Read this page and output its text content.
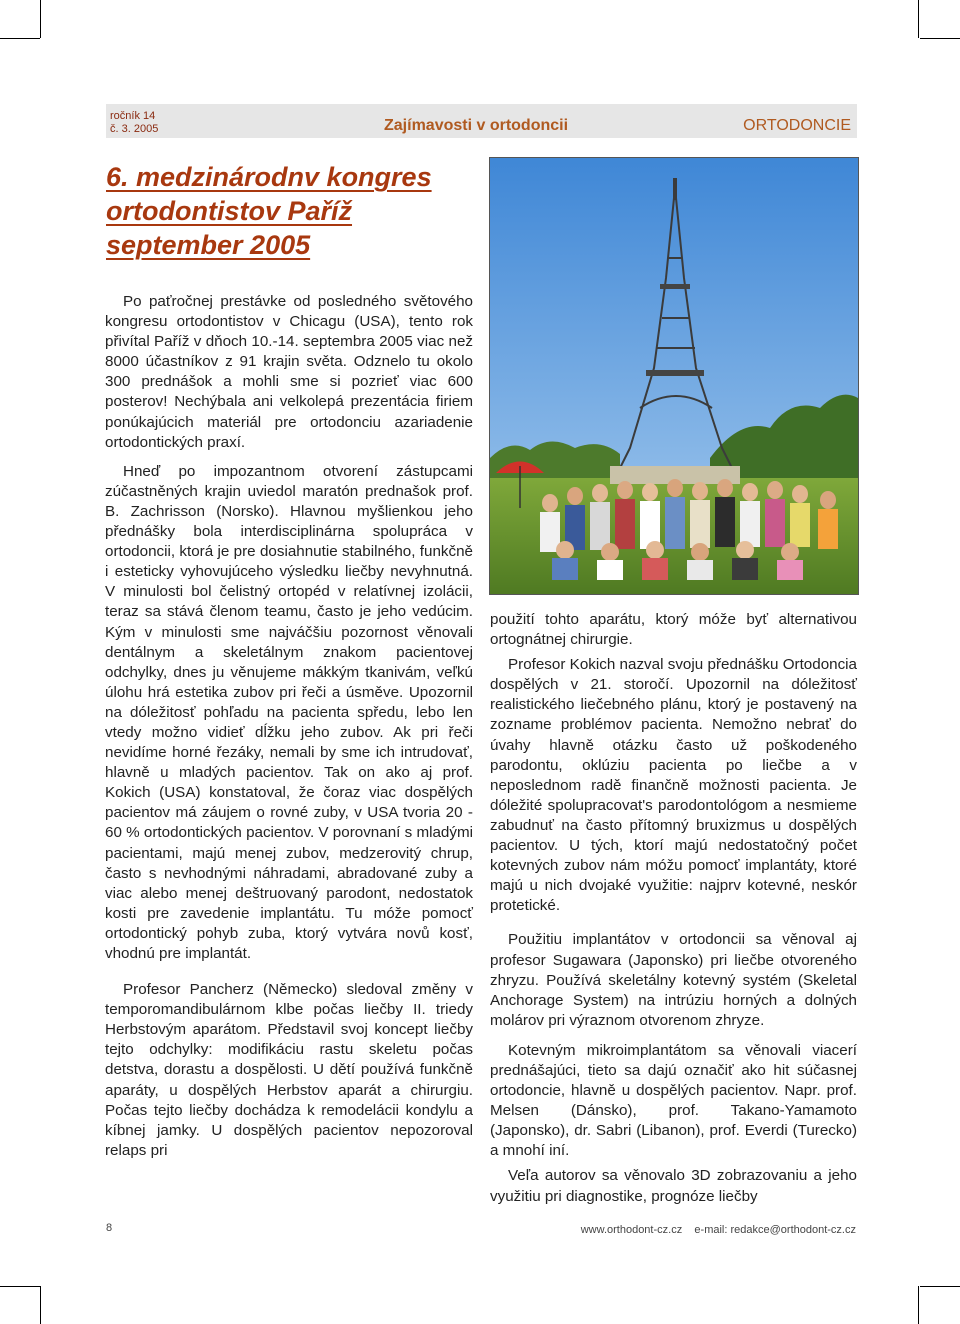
ročník 14
č. 3. 2005	Zajímavosti v ortodoncii	ORTODONCIE
6. medzinárodnv kongres
ortodontistov Paříž
september 2005

Po paťročnej prestávke od posledného světového kongresu ortodontistov v Chicagu (USA), tento rok přivítal Paříž v dňoch 10.-14. septembra 2005 viac než 8000 účastníkov z 91 krajin světa. Odznelo tu okolo 300 prednášok a mohli sme si pozrieť viac 600 posterov! Nechýbala ani velkolepá prezentácia firiem ponúkajúcich materiál pre ortodonciu azariadenie ortodontických praxí.

Hneď po impozantnom otvorení zástupcami zúčastněných krajin uviedol maratón prednašok prof. B. Zachrisson (Norsko). Hlavnou myšlienkou jeho přednášky bola interdisciplinárna spolupráca v ortodoncii, ktorá je pre dosiahnutie stabilného, funkčně i esteticky vyhovujúceho výsledku liečby nevyhnutná. V minulosti bol čelistný ortopéd v relatívnej izolácii, teraz sa stává členom teamu, často je jeho vedúcim. Kým v minulosti sme najváčšiu pozornost věnovali dentálnym a skeletálnym znakom pacientovej odchylky, dnes ju věnujeme mákkým tkanivám, veľkú úlohu hrá estetika zubov pri řeči a úsměve. Upozornil na dóležitosť pohľadu na pacienta spředu, lebo len vtedy možno vidieť dĺžku jeho zubov. Ak pri řeči nevidíme horné řezáky, nemali by sme ich intrudovať, hlavně u mladých pacientov. Tak on ako aj prof. Kokich (USA) konstatoval, že čoraz viac dospělých pacientov má záujem o rovné zuby, v USA tvoria 20 - 60 % ortodontických pacientov. V porovnaní s mladými pacientami, majú menej zubov, medzerovitý chrup, často s nevhodnými náhradami, abradované zuby a viac alebo menej deštruovaný parodont, nedostatok kosti pre zavedenie implantátu. Tu móže pomocť ortodontický pohyb zuba, ktorý vytvára novů kosť, vhodnú pre implantát.

Profesor Pancherz (Německo) sledoval změny v temporomandibulárnom klbe počas liečby II. triedy Herbstovým aparátom. Představil svoj koncept liečby tejto odchylky: modifikáciu rastu skeletu počas detstva, dorastu a dospělosti. U dětí používá funkčně aparáty, u dospělých Herbstov aparát a chirurgiu. Počas tejto liečby dochádza k remodelácii kondylu a kíbnej jamky. U dospělých pacientov nepozoroval relaps pri

použití tohto aparátu, ktorý móže byť alternativou ortognátnej chirurgie.

Profesor Kokich nazval svoju přednášku Ortodoncia dospělých v 21. storočí. Upozornil na dóležitosť realistického liečebného plánu, ktorý je postavený na zozname problémov pacienta. Nemožno nebrať do úvahy hlavně otázku často už poškodeného parodontu, oklúziu pacienta po liečbe a v neposlednom radě finančně možnosti pacienta. Je dóležité spolupracovat's parodontológom a nesmieme zabudnuť na často přítomný bruxizmus u dospělých pacientov. U tých, ktorí majú nedostatočný počet kotevných zubov nám móžu pomocť implantáty, ktoré majú u nich dvojaké využitie: najprv kotevné, neskór protetické.

Použitiu implantátov v ortodoncii sa věnoval aj profesor Sugawara (Japonsko) pri liečbe otvoreného zhryzu. Používá skeletálny kotevný systém (Skeletal Anchorage System) na intrúziu horných a dolných molárov pri výraznom otvorenom zhryze.

Kotevným mikroimplantátom sa věnovali viacerí prednášajúci, tieto sa dajú označiť ako hit súčasnej ortodoncie, hlavně u dospělých pacientov. Napr. prof. Melsen (Dánsko), prof. Takano-Yamamoto (Japonsko), dr. Sabri (Libanon), prof. Everdi (Turecko) a mnohí iní.

Veľa autorov sa věnovalo 3D zobrazovaniu a jeho využitiu pri diagnostike, prognóze liečby

8	www.orthodont-cz.cz    e-mail: redakce@orthodont-cz.cz
